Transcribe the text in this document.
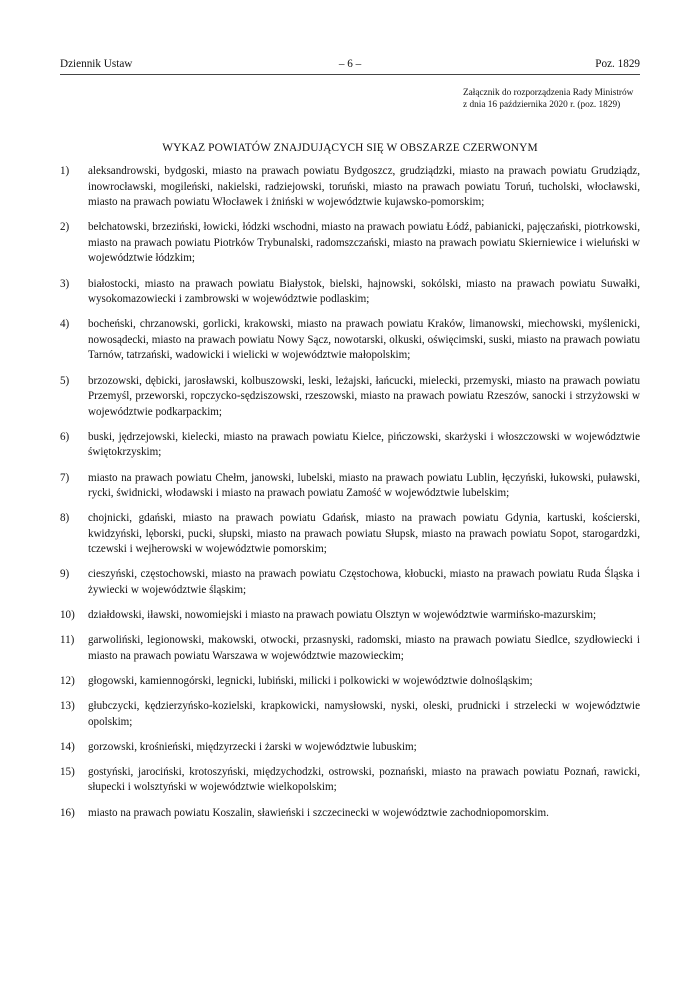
Dziennik Ustaw	– 6 –	Poz. 1829
Załącznik do rozporządzenia Rady Ministrów
z dnia 16 października 2020 r. (poz. 1829)
WYKAZ POWIATÓW ZNAJDUJĄCYCH SIĘ W OBSZARZE CZERWONYM
1) aleksandrowski, bydgoski, miasto na prawach powiatu Bydgoszcz, grudziądzki, miasto na prawach powiatu Grudziądz, inowrocławski, mogileński, nakielski, radziejowski, toruński, miasto na prawach powiatu Toruń, tucholski, włocławski, miasto na prawach powiatu Włocławek i żniński w województwie kujawsko-pomorskim;
2) bełchatowski, brzeziński, łowicki, łódzki wschodni, miasto na prawach powiatu Łódź, pabianicki, pajęczański, piotrkowski, miasto na prawach powiatu Piotrków Trybunalski, radomszczański, miasto na prawach powiatu Skierniewice i wieluński w województwie łódzkim;
3) białostocki, miasto na prawach powiatu Białystok, bielski, hajnowski, sokólski, miasto na prawach powiatu Suwałki, wysokomazowiecki i zambrowski w województwie podlaskim;
4) bocheński, chrzanowski, gorlicki, krakowski, miasto na prawach powiatu Kraków, limanowski, miechowski, myślenicki, nowosądecki, miasto na prawach powiatu Nowy Sącz, nowotarski, olkuski, oświęcimski, suski, miasto na prawach powiatu Tarnów, tatrzański, wadowicki i wielicki w województwie małopolskim;
5) brzozowski, dębicki, jarosławski, kolbuszowski, leski, leżajski, łańcucki, mielecki, przemyski, miasto na prawach powiatu Przemyśl, przeworski, ropczycko-sędziszowski, rzeszowski, miasto na prawach powiatu Rzeszów, sanocki i strzyżowski w województwie podkarpackim;
6) buski, jędrzejowski, kielecki, miasto na prawach powiatu Kielce, pińczowski, skarżyski i włoszczowski w województwie świętokrzyskim;
7) miasto na prawach powiatu Chełm, janowski, lubelski, miasto na prawach powiatu Lublin, łęczyński, łukowski, puławski, rycki, świdnicki, włodawski i miasto na prawach powiatu Zamość w województwie lubelskim;
8) chojnicki, gdański, miasto na prawach powiatu Gdańsk, miasto na prawach powiatu Gdynia, kartuski, kościerski, kwidzyński, lęborski, pucki, słupski, miasto na prawach powiatu Słupsk, miasto na prawach powiatu Sopot, starogardzki, tczewski i wejherowski w województwie pomorskim;
9) cieszyński, częstochowski, miasto na prawach powiatu Częstochowa, kłobucki, miasto na prawach powiatu Ruda Śląska i żywiecki w województwie śląskim;
10) działdowski, iławski, nowomiejski i miasto na prawach powiatu Olsztyn w województwie warmińsko-mazurskim;
11) garwoliński, legionowski, makowski, otwocki, przasnyski, radomski, miasto na prawach powiatu Siedlce, szydłowiecki i miasto na prawach powiatu Warszawa w województwie mazowieckim;
12) głogowski, kamiennogórski, legnicki, lubiński, milicki i polkowicki w województwie dolnośląskim;
13) głubczycki, kędzierzyńsko-kozielski, krapkowicki, namysłowski, nyski, oleski, prudnicki i strzelecki w województwie opolskim;
14) gorzowski, krośnieński, międzyrzecki i żarski w województwie lubuskim;
15) gostyński, jarociński, krotoszyński, międzychodzki, ostrowski, poznański, miasto na prawach powiatu Poznań, rawicki, słupecki i wolsztyński w województwie wielkopolskim;
16) miasto na prawach powiatu Koszalin, sławieński i szczecinecki w województwie zachodniopomorskim.
